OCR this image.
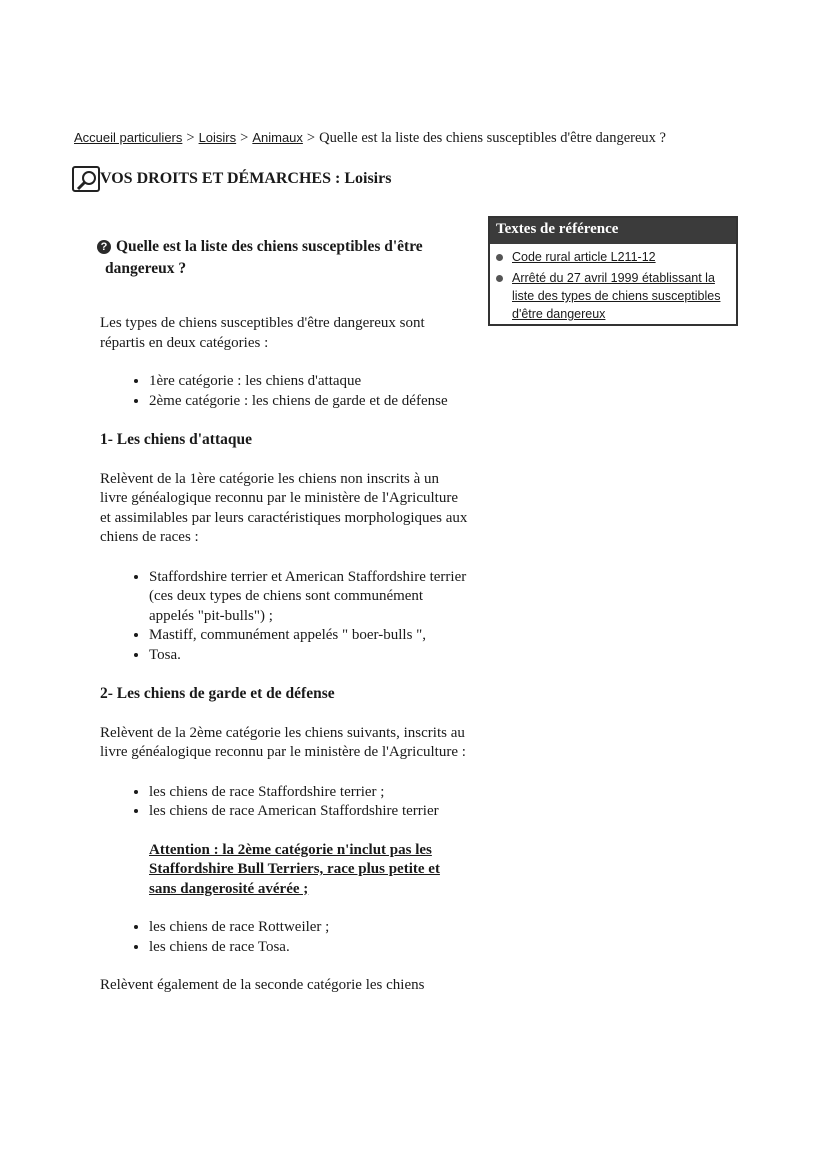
Accueil particuliers > Loisirs > Animaux > Quelle est la liste des chiens susceptibles d'être dangereux ?
VOS DROITS ET DÉMARCHES : Loisirs
Textes de référence
Code rural article L211-12
Arrêté du 27 avril 1999 établissant la liste des types de chiens susceptibles d'être dangereux
? Quelle est la liste des chiens susceptibles d'être
dangereux ?

Les types de chiens susceptibles d'être dangereux sont répartis en deux catégories :

• 1ère catégorie : les chiens d'attaque
• 2ème catégorie : les chiens de garde et de défense
1- Les chiens d'attaque

Relèvent de la 1ère catégorie les chiens non inscrits à un livre généalogique reconnu par le ministère de l'Agriculture et assimilables par leurs caractéristiques morphologiques aux chiens de races :

• Staffordshire terrier et American Staffordshire terrier (ces deux types de chiens sont communément appelés "pit-bulls") ;
• Mastiff, communément appelés " boer-bulls ",
• Tosa.
2- Les chiens de garde et de défense

Relèvent de la 2ème catégorie les chiens suivants, inscrits au livre généalogique reconnu par le ministère de l'Agriculture :

• les chiens de race Staffordshire terrier ;
• les chiens de race American Staffordshire terrier
Attention : la 2ème catégorie n'inclut pas les Staffordshire Bull Terriers, race plus petite et sans dangerosité avérée ;
• les chiens de race Rottweiler ;
• les chiens de race Tosa.

Relèvent également de la seconde catégorie les chiens
